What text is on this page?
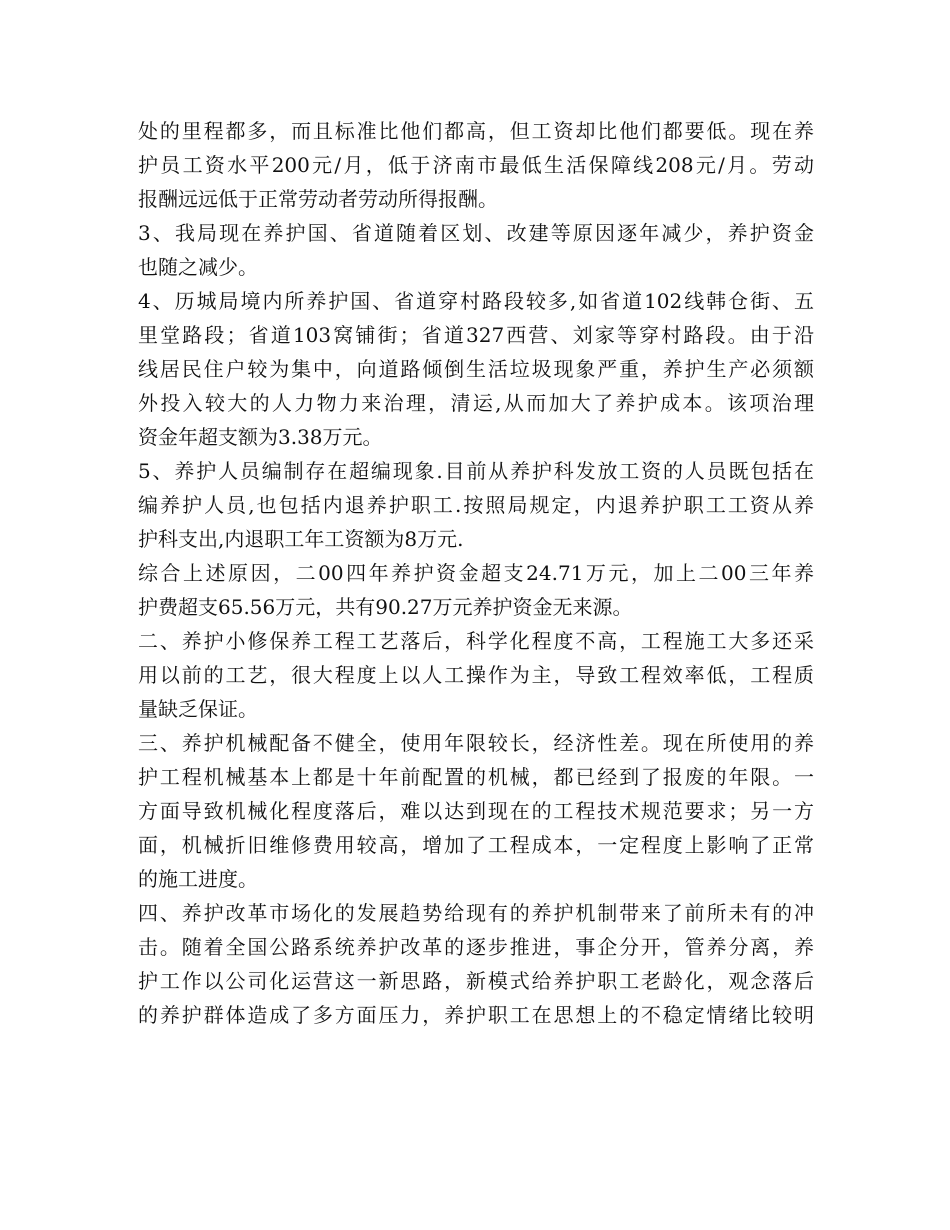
处的里程都多，而且标准比他们都高，但工资却比他们都要低。现在养
护员工资水平200元/月，低于济南市最低生活保障线208元/月。劳动
报酬远远低于正常劳动者劳动所得报酬。
3、我局现在养护国、省道随着区划、改建等原因逐年减少，养护资金
也随之减少。
4、历城局境内所养护国、省道穿村路段较多,如省道102线韩仓街、五
里堂路段；省道103窝铺街；省道327西营、刘家等穿村路段。由于沿
线居民住户较为集中，向道路倾倒生活垃圾现象严重，养护生产必须额
外投入较大的人力物力来治理，清运,从而加大了养护成本。该项治理
资金年超支额为3.38万元。
5、养护人员编制存在超编现象.目前从养护科发放工资的人员既包括在
编养护人员,也包括内退养护职工.按照局规定，内退养护职工工资从养
护科支出,内退职工年工资额为8万元.
综合上述原因，二00四年养护资金超支24.71万元，加上二00三年养
护费超支65.56万元，共有90.27万元养护资金无来源。
二、养护小修保养工程工艺落后，科学化程度不高，工程施工大多还采
用以前的工艺，很大程度上以人工操作为主，导致工程效率低，工程质
量缺乏保证。
三、养护机械配备不健全，使用年限较长，经济性差。现在所使用的养
护工程机械基本上都是十年前配置的机械，都已经到了报废的年限。一
方面导致机械化程度落后，难以达到现在的工程技术规范要求；另一方
面，机械折旧维修费用较高，增加了工程成本，一定程度上影响了正常
的施工进度。
四、养护改革市场化的发展趋势给现有的养护机制带来了前所未有的冲
击。随着全国公路系统养护改革的逐步推进，事企分开，管养分离，养
护工作以公司化运营这一新思路，新模式给养护职工老龄化，观念落后
的养护群体造成了多方面压力，养护职工在思想上的不稳定情绪比较明
